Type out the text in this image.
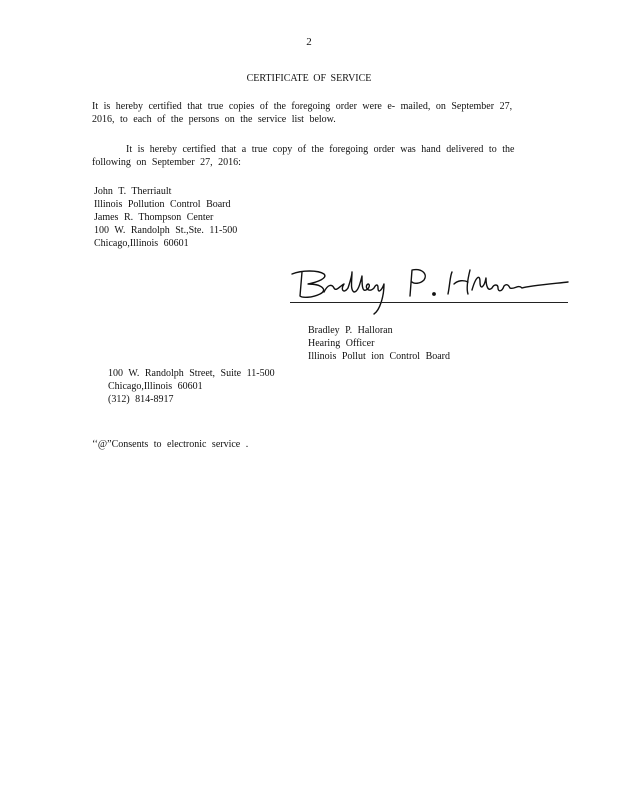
2
CERTIFICATE OF SERVICE
It is hereby certified that true copies of the foregoing order were e- mailed, on September 27, 2016, to each of the persons on the service list below.
It is hereby certified that a true copy of the foregoing order was hand delivered to the following on September 27, 2016:
John T. Therriault
Illinois Pollution Control Board
James R. Thompson Center
100 W. Randolph St.,Ste. 11-500
Chicago,Illinois 60601
Bradley P. Halloran
Hearing Officer
Illinois Pollut ion Control Board
100 W. Randolph Street, Suite 11-500
Chicago,Illinois 60601
(312) 814-8917
‘‘@”Consents to electronic service .
